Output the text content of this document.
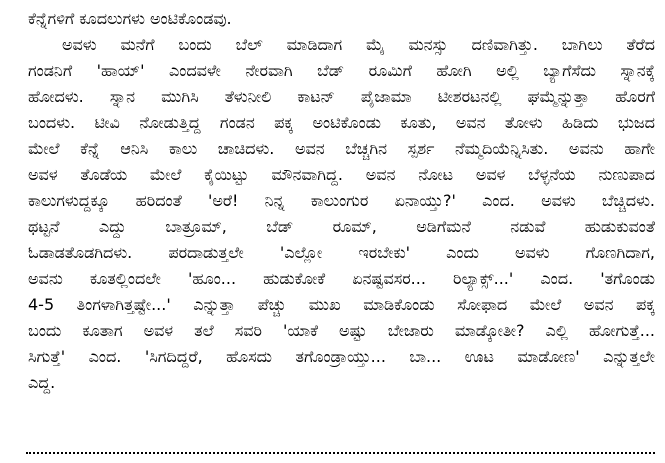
ಕೆನ್ನೆಗಳಿಗೆ ಕೂದಲುಗಳು ಅಂಟಿಕೊಂಡವು.
ಅವಳು ಮನೆಗೆ ಬಂದು ಬೆಲ್ ಮಾಡಿದಾಗ ಮೈ ಮನಸ್ಸು ದಣಿವಾಗಿತ್ತು. ಬಾಗಿಲು ತೆರೆದ
ಗಂಡನಿಗೆ 'ಹಾಯ್' ಎಂದವಳೇ ನೇರವಾಗಿ ಬೆಡ್ ರೂಮಿಗೆ ಹೋಗಿ ಅಲ್ಲಿ ಬ್ಯಾಗೆಸೆದು ಸ್ನಾನಕ್ಕೆ
ಹೋದಳು. ಸ್ನಾನ ಮುಗಿಸಿ ತೆಳುನೀಲಿ ಕಾಟನ್ ಪೈಜಾಮಾ ಟೀಶರಟನಲ್ಲಿ ಘಮ್ಮೆನ್ನುತ್ತಾ ಹೊರಗೆ
ಬಂದಳು. ಟೀವಿ ನೋಡುತ್ತಿದ್ದ ಗಂಡನ ಪಕ್ಕ ಅಂಟಿಕೊಂಡು ಕೂತು, ಅವನ ತೋಳು ಹಿಡಿದು ಭುಜದ
ಮೇಲೆ ಕೆನ್ನೆ ಆನಿಸಿ ಕಾಲು ಚಾಚಿದಳು. ಅವನ ಬೆಚ್ಚಗಿನ ಸ್ಪರ್ಶ ನೆಮ್ಮದಿಯೆನ್ನಿಸಿತು. ಅವನು ಹಾಗೇ
ಅವಳ ತೊಡೆಯ ಮೇಲೆ ಕೈಯಿಟ್ಟು ಮೌನವಾಗಿದ್ದ. ಅವನ ನೋಟ ಅವಳ ಬೆಳ್ಳನೆಯ ನುಣುಪಾದ
ಕಾಲುಗಳುದ್ದಕ್ಕೂ ಹರಿದಂತೆ 'ಅರೆ! ನಿನ್ನ ಕಾಲುಂಗುರ ಏನಾಯ್ತು?' ಎಂದ. ಅವಳು ಬೆಚ್ಚಿದಳು.
ಥಟ್ಟನೆ ಎದ್ದು ಬಾತ್ರೂಮ್, ಬೆಡ್ ರೂಮ್, ಅಡಿಗೆಮನೆ ನಡುವೆ ಹುಡುಕುವಂತೆ
ಓಡಾಡತೊಡಗಿದಳು. ಪರದಾಡುತ್ತಲೇ 'ಎಲ್ಲೋ ಇರಬೇಕು' ಎಂದು ಅವಳು ಗೊಣಗಿದಾಗ,
ಅವನು ಕೂತಲ್ಲಿಂದಲೇ 'ಹೂಂ... ಹುಡುಕೋಕೆ ಏನಷ್ಟವಸರ... ರಿಲ್ಯಾಕ್ಸ್...' ಎಂದ. 'ತಗೊಂಡು
4-5 ತಿಂಗಳಾಗಿತ್ತಷ್ಟೇ...' ಎನ್ನುತ್ತಾ ಪೆಚ್ಚು ಮುಖ ಮಾಡಿಕೊಂಡು ಸೋಫಾದ ಮೇಲೆ ಅವನ ಪಕ್ಕ
ಬಂದು ಕೂತಾಗ ಅವಳ ತಲೆ ಸವರಿ 'ಯಾಕೆ ಅಷ್ಟು ಬೇಜಾರು ಮಾಡ್ಕೋತೀ? ಎಲ್ಲಿ ಹೋಗುತ್ತೆ...
ಸಿಗುತ್ತೆ' ಎಂದ. 'ಸಿಗದಿದ್ದರೆ, ಹೊಸದು ತಗೊಂಡ್ರಾಯ್ತು... ಬಾ... ಊಟ ಮಾಡೋಣ' ಎನ್ನುತ್ತಲೇ
ಎದ್ದ.
